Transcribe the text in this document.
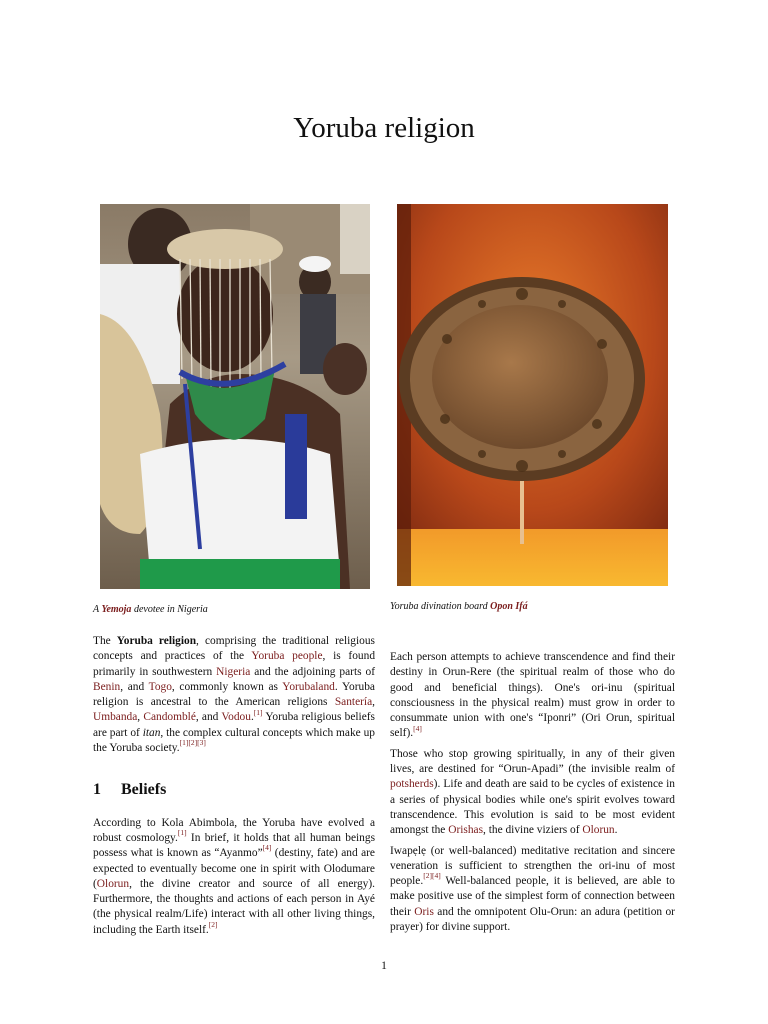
Yoruba religion
A Yemoja devotee in Nigeria	Yoruba divination board Opon Ifá

The Yoruba religion, comprising the traditional religious concepts and practices of the Yoruba people, is found primarily in southwestern Nigeria and the adjoining parts of Benin, and Togo, commonly known as Yorubaland. Yoruba religion is ancestral to the American religions Santería, Umbanda, Candomblé, and Vodou.[1] Yoruba religious beliefs are part of itan, the complex cultural concepts which make up the Yoruba society.[1][2][3]

1 Beliefs

According to Kola Abimbola, the Yoruba have evolved a robust cosmology.[1] In brief, it holds that all human beings possess what is known as “Ayanmo”[4] (destiny, fate) and are expected to eventually become one in spirit with Olodumare (Olorun, the divine creator and source of all energy). Furthermore, the thoughts and actions of each person in Ayé (the physical realm/Life) interact with all other living things, including the Earth itself.[2]

Each person attempts to achieve transcendence and find their destiny in Orun-Rere (the spiritual realm of those who do good and beneficial things). One's ori-inu (spiritual consciousness in the physical realm) must grow in order to consummate union with one's “Iponri” (Ori Orun, spiritual self).[4]

Those who stop growing spiritually, in any of their given lives, are destined for “Orun-Apadi” (the invisible realm of potsherds). Life and death are said to be cycles of existence in a series of physical bodies while one's spirit evolves toward transcendence. This evolution is said to be most evident amongst the Orishas, the divine viziers of Olorun.

Iwapẹlẹ (or well-balanced) meditative recitation and sincere veneration is sufficient to strengthen the ori-inu of most people.[2][4] Well-balanced people, it is believed, are able to make positive use of the simplest form of connection between their Oris and the omnipotent Olu-Orun: an adura (petition or prayer) for divine support.

1
